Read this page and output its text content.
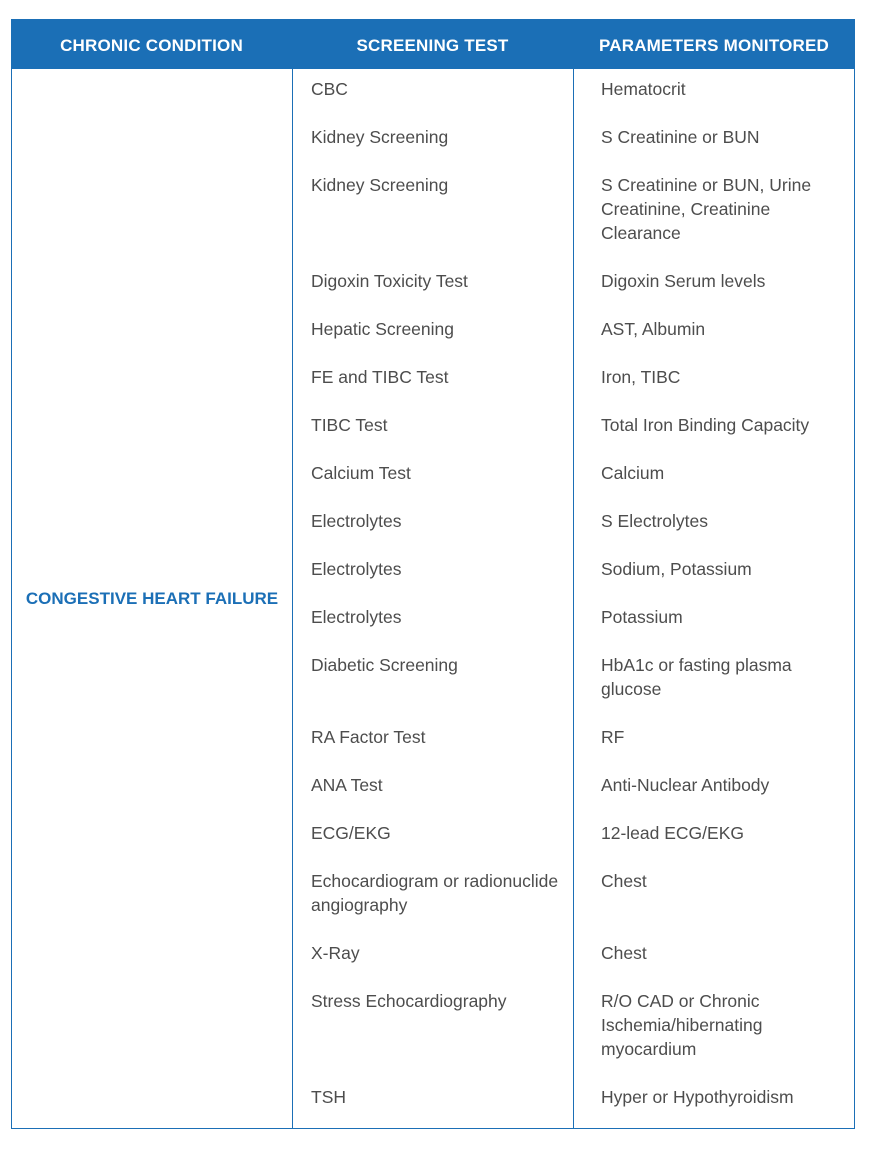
CHRONIC CONDITION	SCREENING TEST	PARAMETERS MONITORED
CONGESTIVE HEART FAILURE
CBC
Kidney Screening
Kidney Screening
Digoxin Toxicity Test
Hepatic Screening
FE and TIBC Test
TIBC Test
Calcium Test
Electrolytes
Electrolytes
Electrolytes
Diabetic Screening
RA Factor Test
ANA Test
ECG/EKG
Echocardiogram or radionuclide angiography
X-Ray
Stress Echocardiography
TSH
Hematocrit
S Creatinine or BUN
S Creatinine or BUN, Urine Creatinine, Creatinine Clearance
Digoxin Serum levels
AST, Albumin
Iron, TIBC
Total Iron Binding Capacity
Calcium
S Electrolytes
Sodium, Potassium
Potassium
HbA1c or fasting plasma glucose
RF
Anti-Nuclear Antibody
12-lead ECG/EKG
Chest
Chest
R/O CAD or Chronic Ischemia/hibernating myocardium
Hyper or Hypothyroidism
